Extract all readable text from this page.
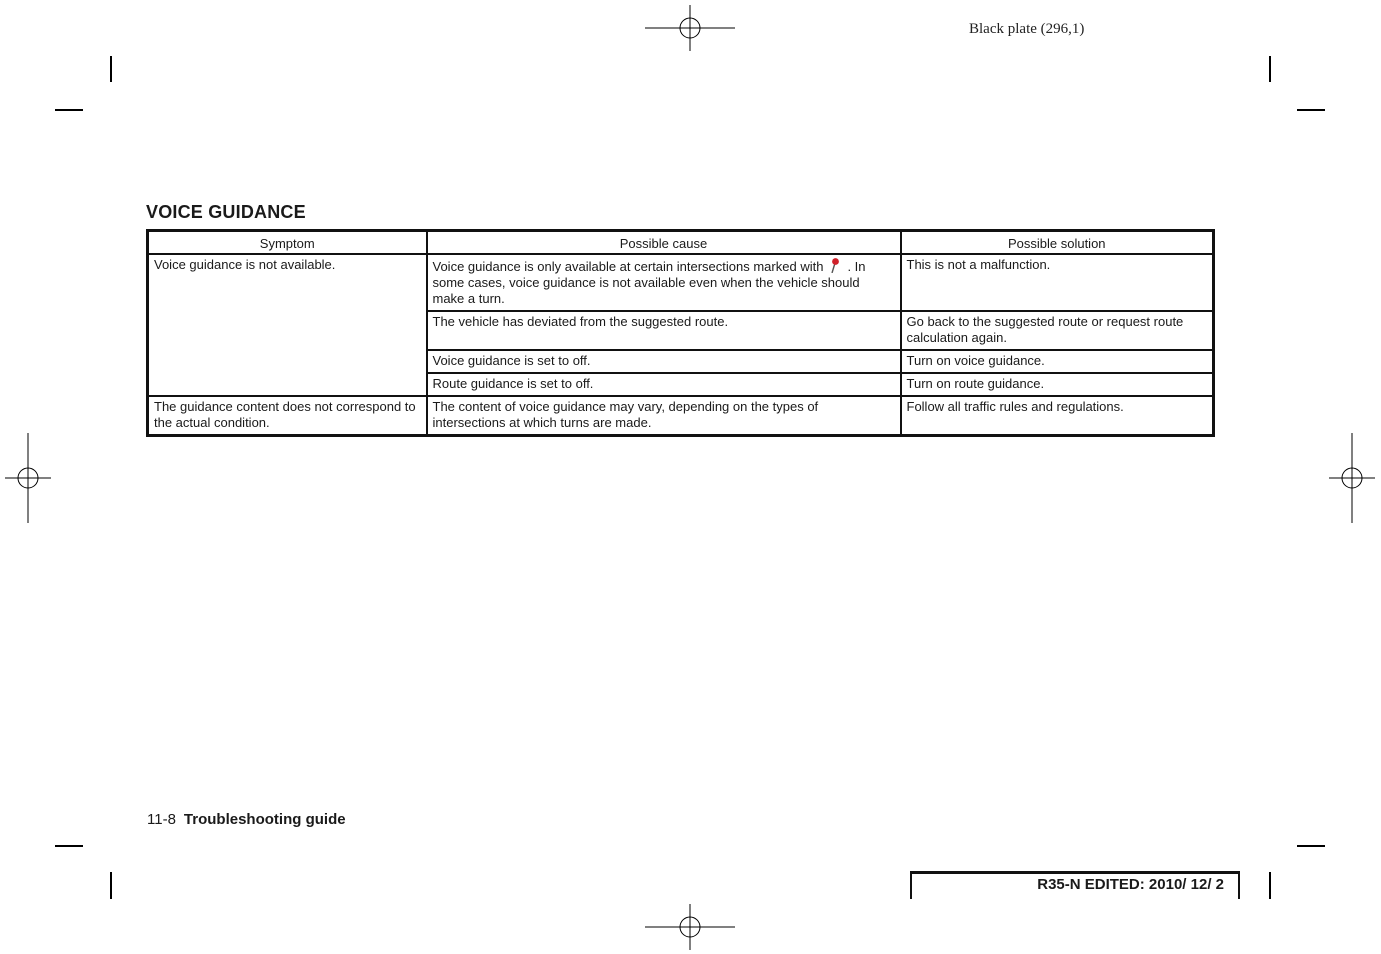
Black plate (296,1)
VOICE GUIDANCE
Symptom	Possible cause	Possible solution
Voice guidance is not available.	Voice guidance is only available at certain intersections marked with . In some cases, voice guidance is not available even when the vehicle should make a turn.	This is not a malfunction.
	The vehicle has deviated from the suggested route.	Go back to the suggested route or request route calculation again.
	Voice guidance is set to off.	Turn on voice guidance.
	Route guidance is set to off.	Turn on route guidance.
The guidance content does not correspond to the actual condition.	The content of voice guidance may vary, depending on the types of intersections at which turns are made.	Follow all traffic rules and regulations.
11-8 Troubleshooting guide
R35-N EDITED: 2010/ 12/ 2
